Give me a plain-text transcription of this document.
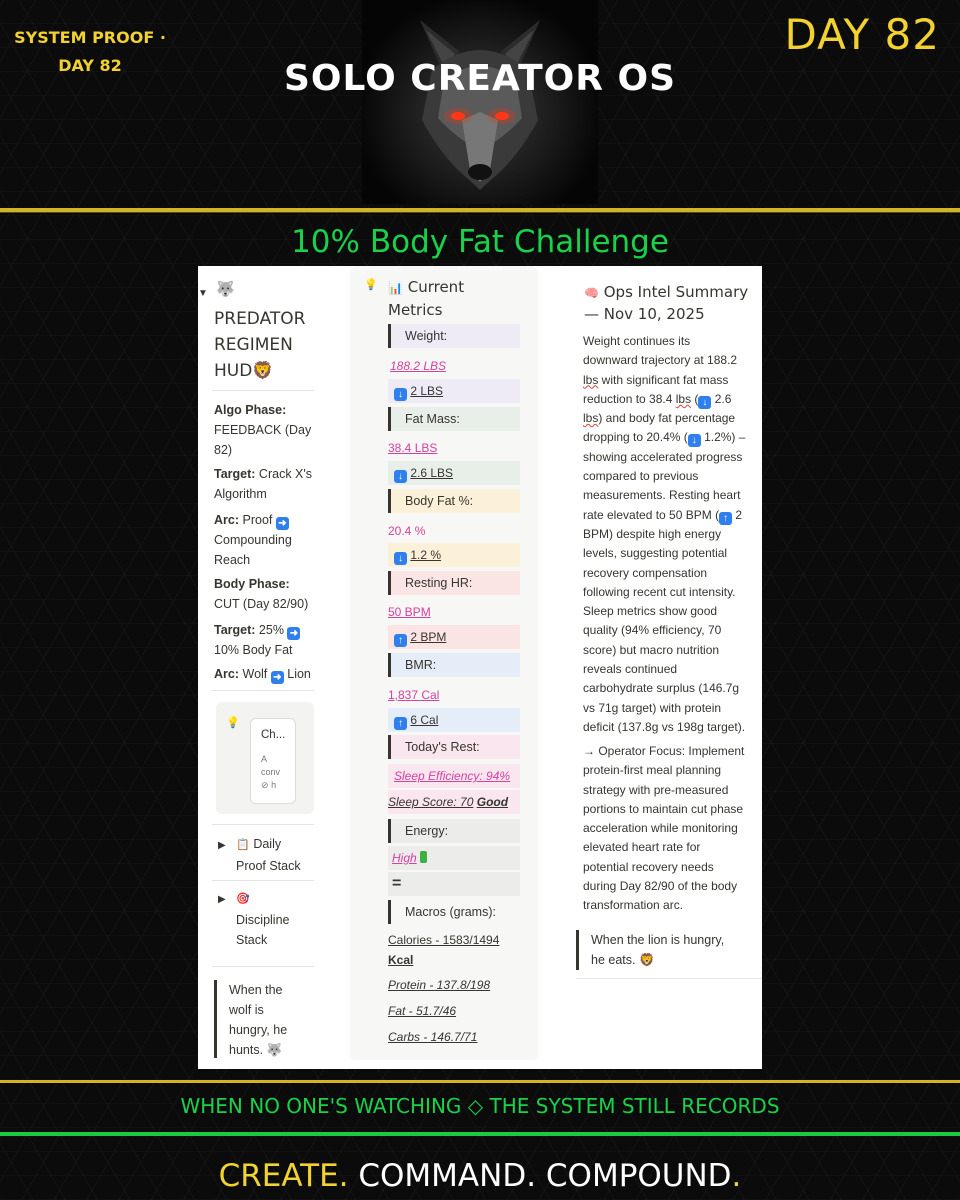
SYSTEM PROOF ·
DAY 82	SOLO CREATOR OS
DAY 82
10% Body Fat Challenge
▼ 🐺
PREDATOR
REGIMEN
HUD🦁
Algo Phase:
FEEDBACK (Day
82)
Target: Crack X's
Algorithm
Arc: Proof ➜
Compounding
Reach
Body Phase:
CUT (Day 82/90)
Target: 25% ➜
10% Body Fat
Arc: Wolf ➜ Lion
💡
Ch...
A
conv
⊘ h
▶ 📋 Daily
Proof Stack
▶ 🎯
Discipline
Stack
When the
wolf is
hungry, he
hunts. 🐺
💡 📊 Current
Metrics
Weight:
188.2 LBS
↓ 2 LBS
Fat Mass:
38.4 LBS
↓ 2.6 LBS
Body Fat %:
20.4 %
↓ 1.2 %
Resting HR:
50 BPM
↑ 2 BPM
BMR:
1,837 Cal
↑ 6 Cal
Today's Rest:
Sleep Efficiency: 94%
Sleep Score: 70 Good
Energy:
High
=
Macros (grams):
Calories - 1583/1494
Kcal
Protein - 137.8/198
Fat - 51.7/46
Carbs - 146.7/71
🧠 Ops Intel Summary
— Nov 10, 2025
Weight continues its
downward trajectory at 188.2
lbs with significant fat mass
reduction to 38.4 lbs ( ↓ 2.6
lbs) and body fat percentage
dropping to 20.4% ( ↓ 1.2%) –
showing accelerated progress
compared to previous
measurements. Resting heart
rate elevated to 50 BPM ( ↑ 2
BPM) despite high energy
levels, suggesting potential
recovery compensation
following recent cut intensity.
Sleep metrics show good
quality (94% efficiency, 70
score) but macro nutrition
reveals continued
carbohydrate surplus (146.7g
vs 71g target) with protein
deficit (137.8g vs 198g target).
→ Operator Focus: Implement
protein-first meal planning
strategy with pre-measured
portions to maintain cut phase
acceleration while monitoring
elevated heart rate for
potential recovery needs
during Day 82/90 of the body
transformation arc.
When the lion is hungry,
he eats. 🦁
WHEN NO ONE'S WATCHING ◇ THE SYSTEM STILL RECORDS
CREATE. COMMAND. COMPOUND.
